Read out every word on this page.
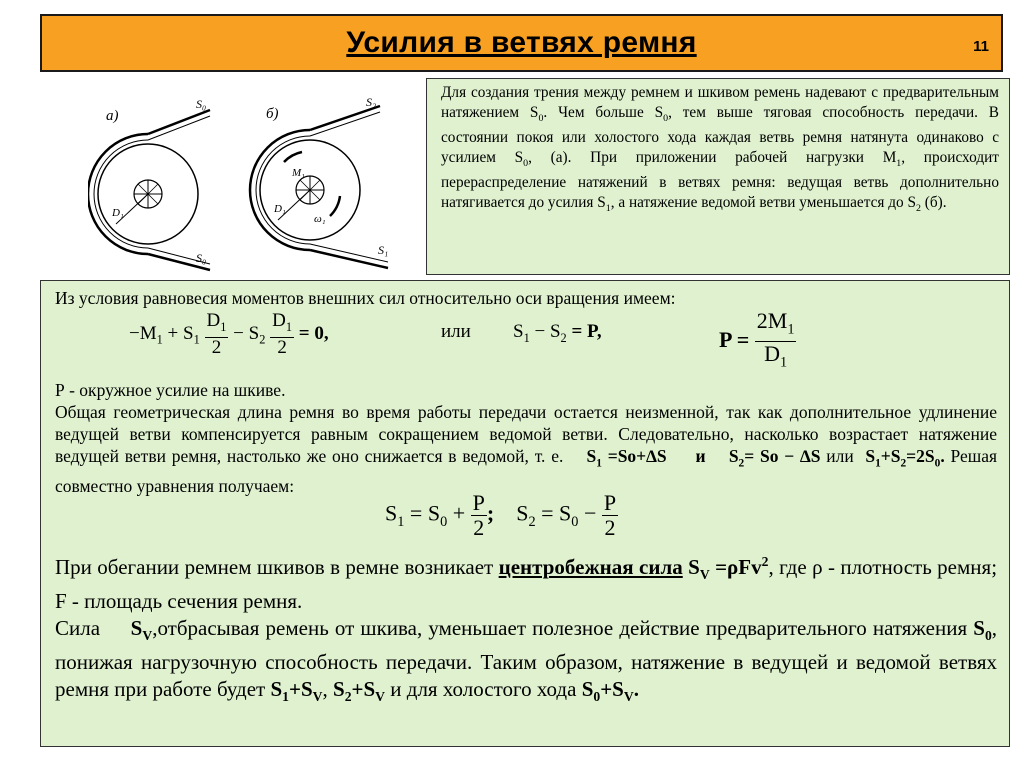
Усилия в ветвях ремня	11
а)
S₀
S₀
D₁
б)
S₂
S₁
D₁
M₁
ω₁

Для создания трения между ремнем и шкивом ремень надевают с предварительным натяжением $S_0$. Чем больше $S_0$, тем выше тяговая способность передачи. В состоянии покоя или холостого хода каждая ветвь ремня натянута одинаково с усилием $S_0$, (а). При приложении рабочей нагрузки $М_1$, происходит перераспределение натяжений в ветвях ремня: ведущая ветвь дополнительно натягивается до усилия $S_1$, а натяжение ведомой ветви уменьшается до $S_2$ (б).

Из условия равновесия моментов внешних сил относительно оси вращения имеем:

$-M_1 + S_1 \frac{D_1}{2} - S_2 \frac{D_1}{2} = 0$,	или $S_1 - S_2 = P$,	$P = \frac{2M_1}{D_1}$

Р - окружное усилие на шкиве.

Общая геометрическая длина ремня во время работы передачи остается неизменной, так как дополнительное удлинение ведущей ветви компенсируется равным сокращением ведомой ветви. Следовательно, насколько возрастает натяжение ведущей ветви ремня, настолько же оно снижается в ведомой, т. е. $S_1 =So+\Delta S$ и $S_2= So - \Delta S$ или $S_1+S_2=2S_0$. Решая совместно уравнения получаем:

$S_1 = S_0 + \frac{P}{2}$ ; $S_2 = S_0 - \frac{P}{2}$

При обегании ремнем шкивов в ремне возникает центробежная сила $S_V =\rho Fv^2$, где ρ - плотность ремня; F - площадь сечения ремня.

Сила $S_V,отбрасывая$ ремень от шкива, уменьшает полезное действие предварительного натяжения $S_0$, понижая нагрузочную способность передачи. Таким образом, натяжение в ведущей и ведомой ветвях ремня при работе будет $S_1+S_V$, $S_2+S_V$ и для холостого хода $S_0+S_V$.
